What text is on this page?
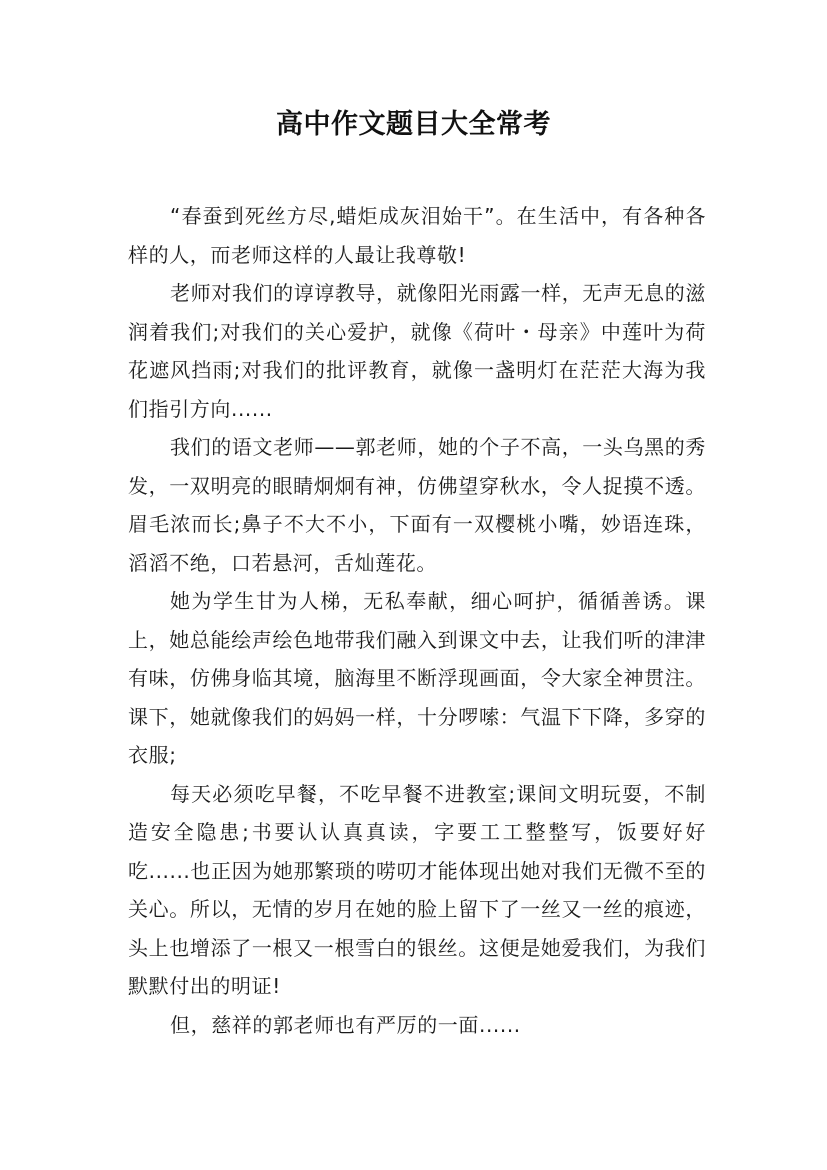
高中作文题目大全常考

“春蚕到死丝方尽,蜡炬成灰泪始干”。在生活中，有各种各样的人，而老师这样的人最让我尊敬!

老师对我们的谆谆教导，就像阳光雨露一样，无声无息的滋润着我们;对我们的关心爱护，就像《荷叶・母亲》中莲叶为荷花遮风挡雨;对我们的批评教育，就像一盏明灯在茫茫大海为我们指引方向......

我们的语文老师——郭老师，她的个子不高，一头乌黑的秀发，一双明亮的眼睛炯炯有神，仿佛望穿秋水，令人捉摸不透。眉毛浓而长;鼻子不大不小，下面有一双樱桃小嘴，妙语连珠，滔滔不绝，口若悬河，舌灿莲花。

她为学生甘为人梯，无私奉献，细心呵护，循循善诱。课上，她总能绘声绘色地带我们融入到课文中去，让我们听的津津有味，仿佛身临其境，脑海里不断浮现画面，令大家全神贯注。课下，她就像我们的妈妈一样，十分啰嗦：气温下下降，多穿的衣服;

每天必须吃早餐，不吃早餐不进教室;课间文明玩耍，不制造安全隐患;书要认认真真读，字要工工整整写，饭要好好吃......也正因为她那繁琐的唠叨才能体现出她对我们无微不至的关心。所以，无情的岁月在她的脸上留下了一丝又一丝的痕迹，头上也增添了一根又一根雪白的银丝。这便是她爱我们，为我们默默付出的明证!

但，慈祥的郭老师也有严厉的一面......
